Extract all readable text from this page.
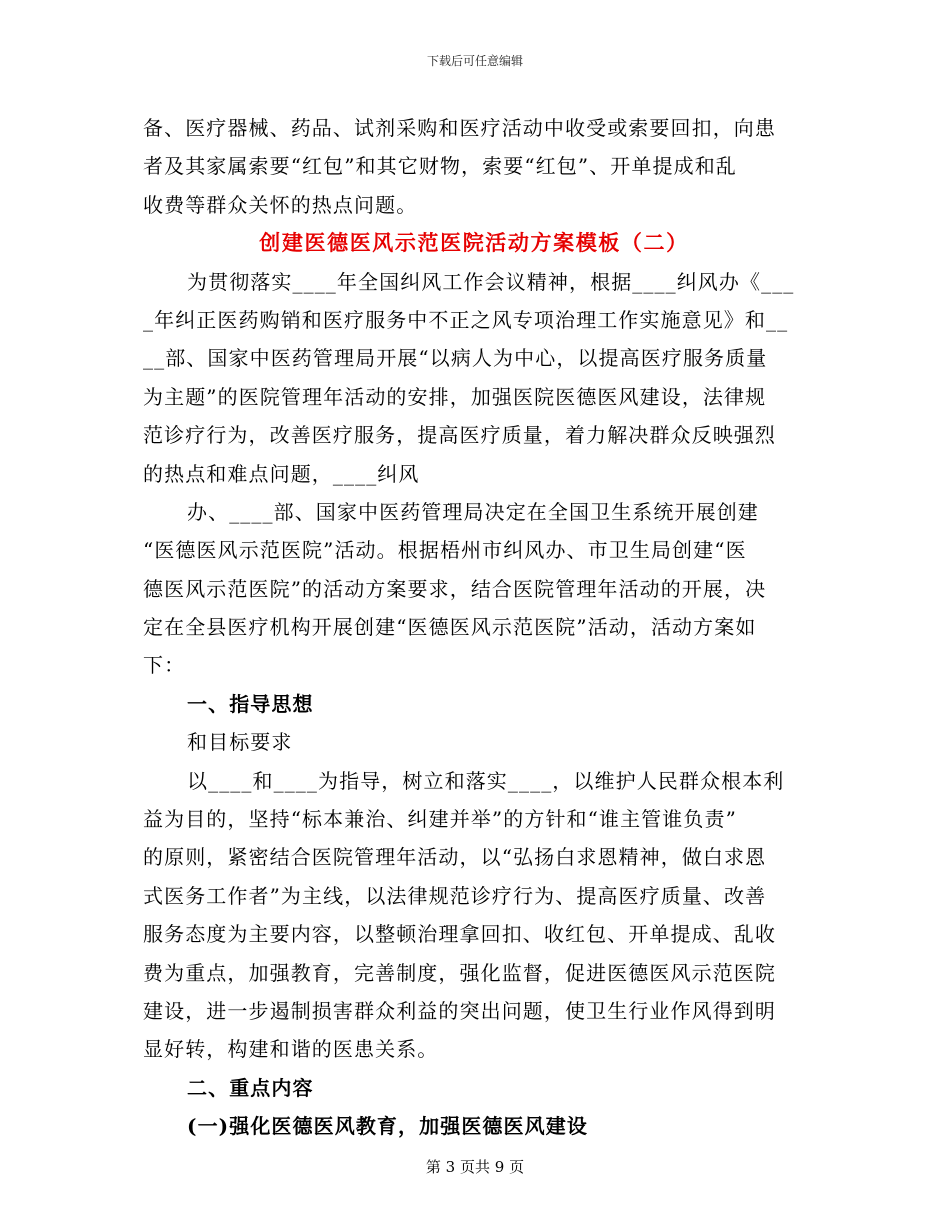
下载后可任意编辑
备、医疗器械、药品、试剂采购和医疗活动中收受或索要回扣，向患
者及其家属索要“红包”和其它财物，索要“红包”、开单提成和乱
收费等群众关怀的热点问题。
创建医德医风示范医院活动方案模板（二）
为贯彻落实____年全国纠风工作会议精神，根据____纠风办《___
_年纠正医药购销和医疗服务中不正之风专项治理工作实施意见》和__
__部、国家中医药管理局开展“以病人为中心，以提高医疗服务质量
为主题”的医院管理年活动的安排，加强医院医德医风建设，法律规
范诊疗行为，改善医疗服务，提高医疗质量，着力解决群众反映强烈
的热点和难点问题，____纠风
办、____部、国家中医药管理局决定在全国卫生系统开展创建
“医德医风示范医院”活动。根据梧州市纠风办、市卫生局创建“医
德医风示范医院”的活动方案要求，结合医院管理年活动的开展，决
定在全县医疗机构开展创建“医德医风示范医院”活动，活动方案如
下：
一、指导思想
和目标要求
以____和____为指导，树立和落实____，以维护人民群众根本利
益为目的，坚持“标本兼治、纠建并举”的方针和“谁主管谁负责”
的原则，紧密结合医院管理年活动，以“弘扬白求恩精神，做白求恩
式医务工作者”为主线，以法律规范诊疗行为、提高医疗质量、改善
服务态度为主要内容，以整顿治理拿回扣、收红包、开单提成、乱收
费为重点，加强教育，完善制度，强化监督，促进医德医风示范医院
建设，进一步遏制损害群众利益的突出问题，使卫生行业作风得到明
显好转，构建和谐的医患关系。
二、重点内容
(一)强化医德医风教育，加强医德医风建设
第 3 页共 9 页
